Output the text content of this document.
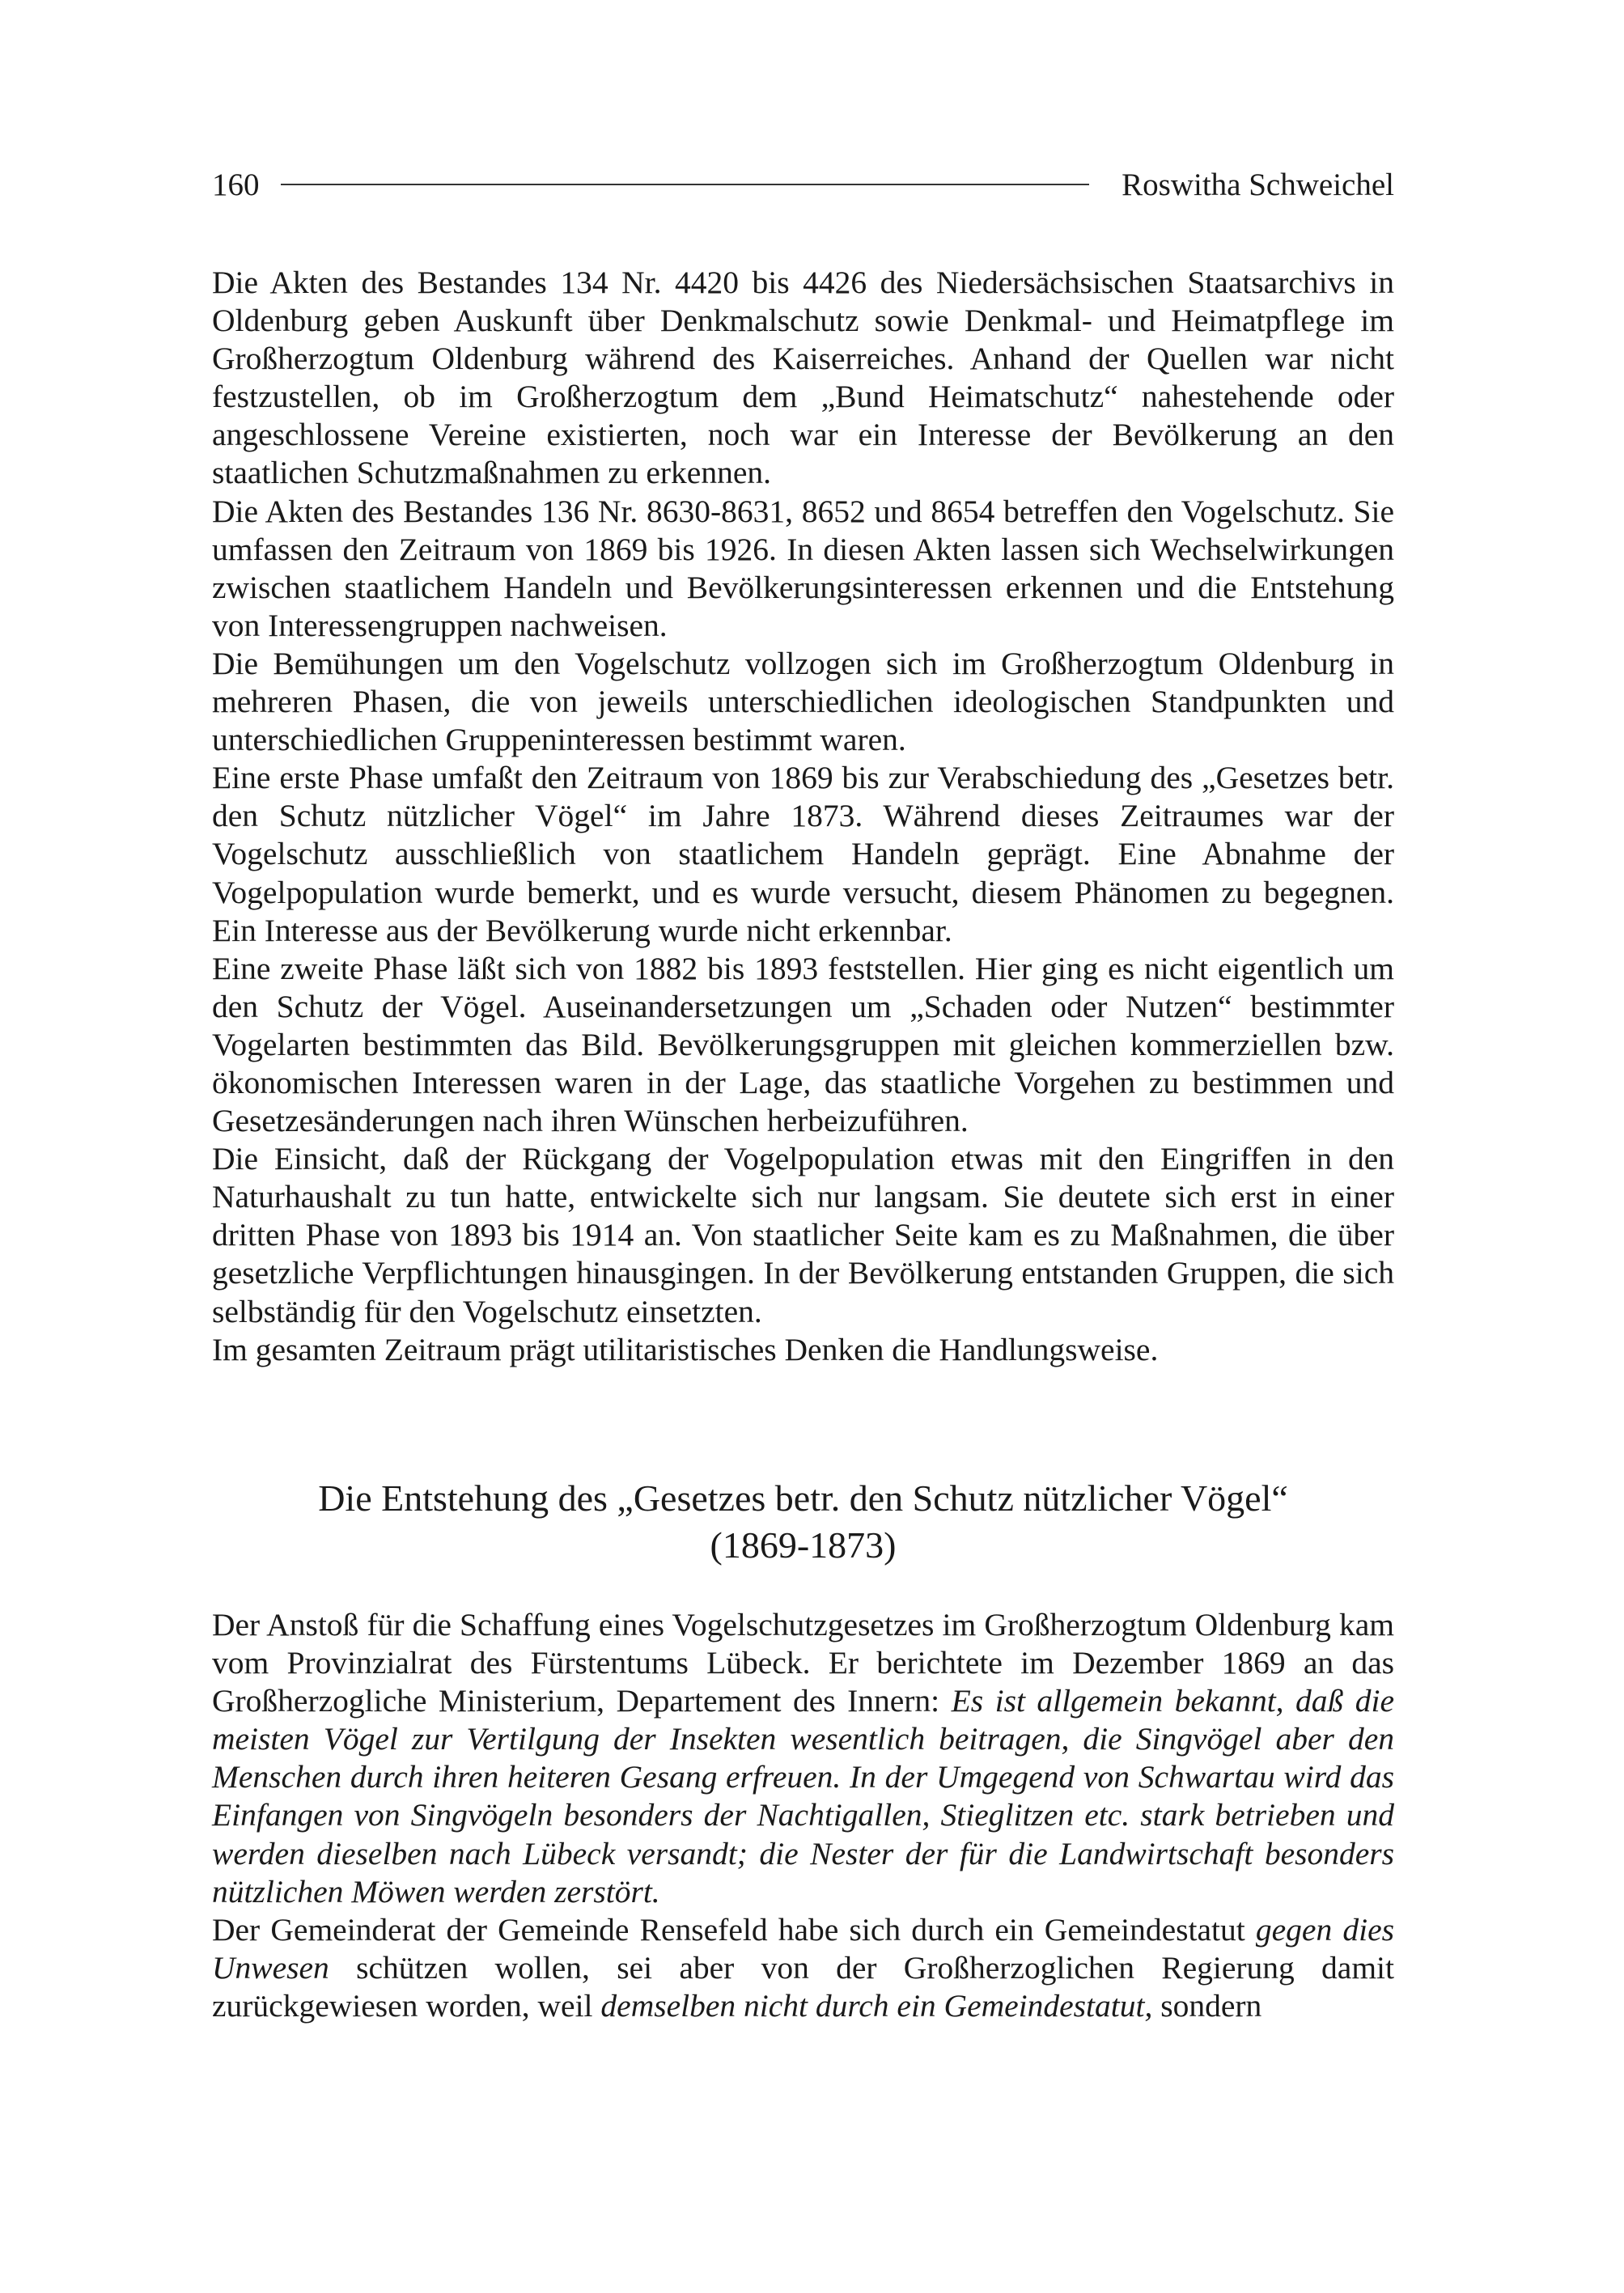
160	Roswitha Schweichel

Die Akten des Bestandes 134 Nr. 4420 bis 4426 des Niedersächsischen Staatsarchivs in Oldenburg geben Auskunft über Denkmalschutz sowie Denkmal- und Heimatpflege im Großherzogtum Oldenburg während des Kaiserreiches. Anhand der Quellen war nicht festzustellen, ob im Großherzogtum dem „Bund Heimatschutz“ nahestehende oder angeschlossene Vereine existierten, noch war ein Interesse der Bevölkerung an den staatlichen Schutzmaßnahmen zu erkennen.

Die Akten des Bestandes 136 Nr. 8630-8631, 8652 und 8654 betreffen den Vogelschutz. Sie umfassen den Zeitraum von 1869 bis 1926. In diesen Akten lassen sich Wechselwirkungen zwischen staatlichem Handeln und Bevölkerungsinteressen erkennen und die Entstehung von Interessengruppen nachweisen.

Die Bemühungen um den Vogelschutz vollzogen sich im Großherzogtum Oldenburg in mehreren Phasen, die von jeweils unterschiedlichen ideologischen Standpunkten und unterschiedlichen Gruppeninteressen bestimmt waren.

Eine erste Phase umfaßt den Zeitraum von 1869 bis zur Verabschiedung des „Gesetzes betr. den Schutz nützlicher Vögel“ im Jahre 1873. Während dieses Zeitraumes war der Vogelschutz ausschließlich von staatlichem Handeln geprägt. Eine Abnahme der Vogelpopulation wurde bemerkt, und es wurde versucht, diesem Phänomen zu begegnen. Ein Interesse aus der Bevölkerung wurde nicht erkennbar.

Eine zweite Phase läßt sich von 1882 bis 1893 feststellen. Hier ging es nicht eigentlich um den Schutz der Vögel. Auseinandersetzungen um „Schaden oder Nutzen“ bestimmter Vogelarten bestimmten das Bild. Bevölkerungsgruppen mit gleichen kommerziellen bzw. ökonomischen Interessen waren in der Lage, das staatliche Vorgehen zu bestimmen und Gesetzesänderungen nach ihren Wünschen herbeizuführen.

Die Einsicht, daß der Rückgang der Vogelpopulation etwas mit den Eingriffen in den Naturhaushalt zu tun hatte, entwickelte sich nur langsam. Sie deutete sich erst in einer dritten Phase von 1893 bis 1914 an. Von staatlicher Seite kam es zu Maßnahmen, die über gesetzliche Verpflichtungen hinausgingen. In der Bevölkerung entstanden Gruppen, die sich selbständig für den Vogelschutz einsetzten.

Im gesamten Zeitraum prägt utilitaristisches Denken die Handlungsweise.

Die Entstehung des „Gesetzes betr. den Schutz nützlicher Vögel“
(1869-1873)

Der Anstoß für die Schaffung eines Vogelschutzgesetzes im Großherzogtum Oldenburg kam vom Provinzialrat des Fürstentums Lübeck. Er berichtete im Dezember 1869 an das Großherzogliche Ministerium, Departement des Innern: Es ist allgemein bekannt, daß die meisten Vögel zur Vertilgung der Insekten wesentlich beitragen, die Singvögel aber den Menschen durch ihren heiteren Gesang erfreuen. In der Umgegend von Schwartau wird das Einfangen von Singvögeln besonders der Nachtigallen, Stieglitzen etc. stark betrieben und werden dieselben nach Lübeck versandt; die Nester der für die Landwirtschaft besonders nützlichen Möwen werden zerstört.

Der Gemeinderat der Gemeinde Rensefeld habe sich durch ein Gemeindestatut gegen dies Unwesen schützen wollen, sei aber von der Großherzoglichen Regierung damit zurückgewiesen worden, weil demselben nicht durch ein Gemeindestatut, sondern
